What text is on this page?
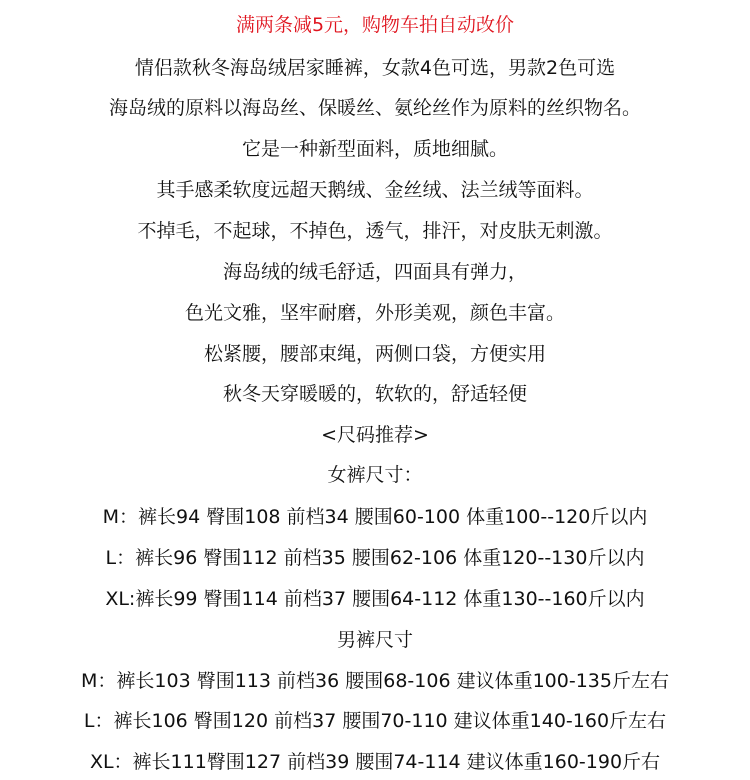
满两条减5元，购物车拍自动改价
情侣款秋冬海岛绒居家睡裤，女款4色可选，男款2色可选
海岛绒的原料以海岛丝、保暖丝、氨纶丝作为原料的丝织物名。
它是一种新型面料，质地细腻。
其手感柔软度远超天鹅绒、金丝绒、法兰绒等面料。
不掉毛，不起球，不掉色，透气，排汗，对皮肤无刺激。
海岛绒的绒毛舒适，四面具有弹力，
色光文雅，坚牢耐磨，外形美观，颜色丰富。
松紧腰，腰部束绳，两侧口袋，方便实用
秋冬天穿暖暖的，软软的，舒适轻便
<尺码推荐>
女裤尺寸：
M：裤长94 臀围108 前档34 腰围60-100 体重100--120斤以内
L：裤长96 臀围112 前档35 腰围62-106 体重120--130斤以内
XL:裤长99 臀围114 前档37 腰围64-112 体重130--160斤以内
男裤尺寸
M：裤长103 臀围113 前档36 腰围68-106 建议体重100-135斤左右
L：裤长106 臀围120 前档37 腰围70-110 建议体重140-160斤左右
XL：裤长111臀围127 前档39 腰围74-114 建议体重160-190斤右
